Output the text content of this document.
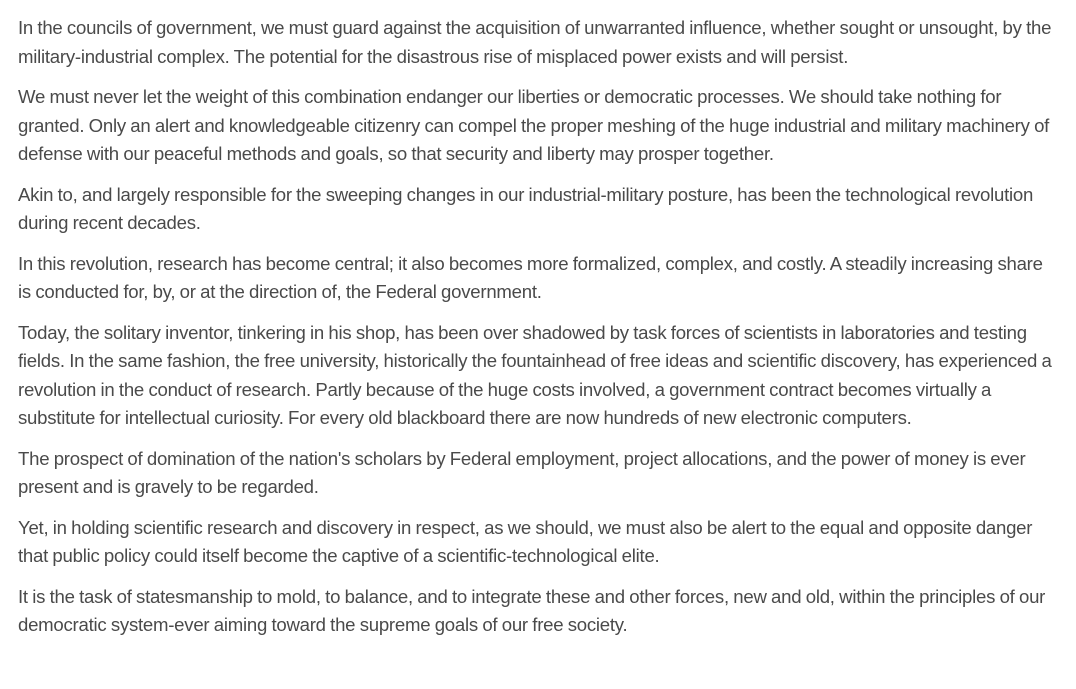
In the councils of government, we must guard against the acquisition of unwarranted influence, whether sought or unsought, by the military-industrial complex. The potential for the disastrous rise of misplaced power exists and will persist.

We must never let the weight of this combination endanger our liberties or democratic processes. We should take nothing for granted. Only an alert and knowledgeable citizenry can compel the proper meshing of the huge industrial and military machinery of defense with our peaceful methods and goals, so that security and liberty may prosper together.

Akin to, and largely responsible for the sweeping changes in our industrial-military posture, has been the technological revolution during recent decades.

In this revolution, research has become central; it also becomes more formalized, complex, and costly. A steadily increasing share is conducted for, by, or at the direction of, the Federal government.

Today, the solitary inventor, tinkering in his shop, has been over shadowed by task forces of scientists in laboratories and testing fields. In the same fashion, the free university, historically the fountainhead of free ideas and scientific discovery, has experienced a revolution in the conduct of research. Partly because of the huge costs involved, a government contract becomes virtually a substitute for intellectual curiosity. For every old blackboard there are now hundreds of new electronic computers.

The prospect of domination of the nation's scholars by Federal employment, project allocations, and the power of money is ever present and is gravely to be regarded.

Yet, in holding scientific research and discovery in respect, as we should, we must also be alert to the equal and opposite danger that public policy could itself become the captive of a scientific-technological elite.

It is the task of statesmanship to mold, to balance, and to integrate these and other forces, new and old, within the principles of our democratic system-ever aiming toward the supreme goals of our free society.
